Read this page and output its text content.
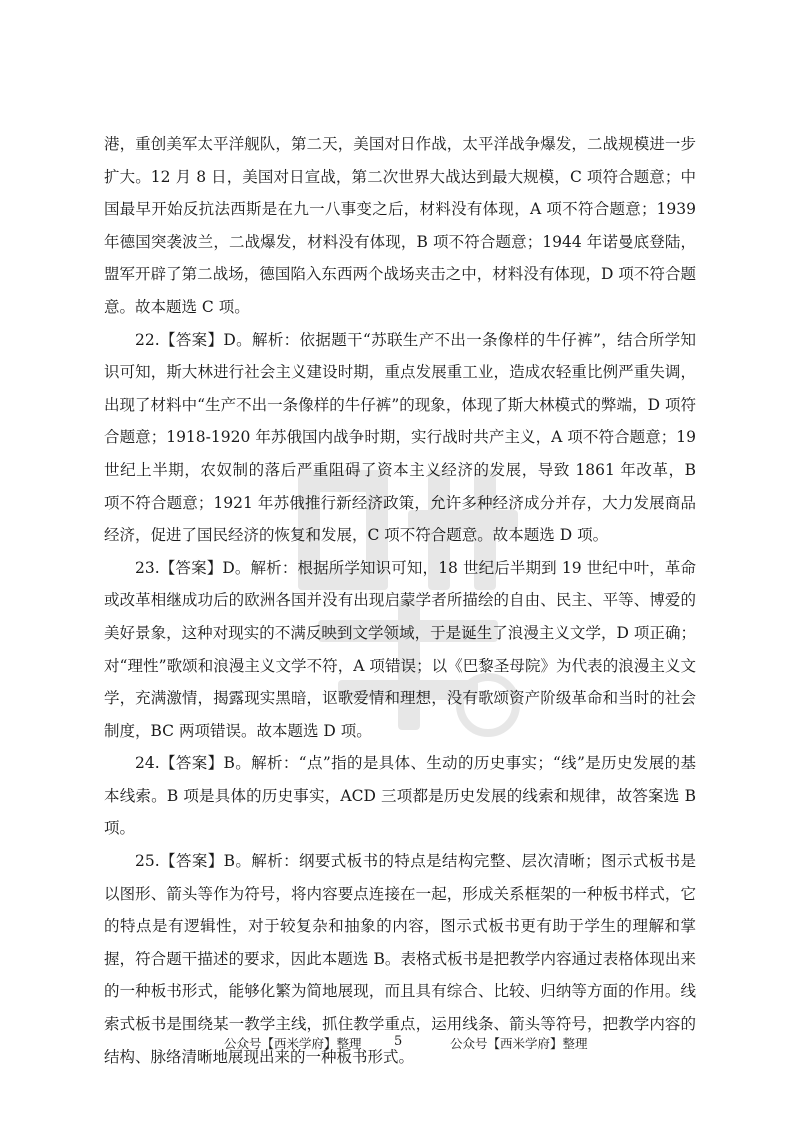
港，重创美军太平洋舰队，第二天，美国对日作战，太平洋战争爆发，二战规模进一步扩大。12 月 8 日，美国对日宣战，第二次世界大战达到最大规模，C 项符合题意；中国最早开始反抗法西斯是在九一八事变之后，材料没有体现，A 项不符合题意；1939 年德国突袭波兰，二战爆发，材料没有体现，B 项不符合题意；1944 年诺曼底登陆，盟军开辟了第二战场，德国陷入东西两个战场夹击之中，材料没有体现，D 项不符合题意。故本题选 C 项。

22.【答案】D。解析：依据题干“苏联生产不出一条像样的牛仔裤”，结合所学知识可知，斯大林进行社会主义建设时期，重点发展重工业，造成农轻重比例严重失调，出现了材料中“生产不出一条像样的牛仔裤”的现象，体现了斯大林模式的弊端，D 项符合题意；1918-1920 年苏俄国内战争时期，实行战时共产主义，A 项不符合题意；19 世纪上半期，农奴制的落后严重阻碍了资本主义经济的发展，导致 1861 年改革，B 项不符合题意；1921 年苏俄推行新经济政策，允许多种经济成分并存，大力发展商品经济，促进了国民经济的恢复和发展，C 项不符合题意。故本题选 D 项。

23.【答案】D。解析：根据所学知识可知，18 世纪后半期到 19 世纪中叶，革命或改革相继成功后的欧洲各国并没有出现启蒙学者所描绘的自由、民主、平等、博爱的美好景象，这种对现实的不满反映到文学领域，于是诞生了浪漫主义文学，D 项正确；对“理性”歌颂和浪漫主义文学不符，A 项错误；以《巴黎圣母院》为代表的浪漫主义文学，充满激情，揭露现实黑暗，讴歌爱情和理想，没有歌颂资产阶级革命和当时的社会制度，BC 两项错误。故本题选 D 项。

24.【答案】B。解析：“点”指的是具体、生动的历史事实；“线”是历史发展的基本线索。B 项是具体的历史事实，ACD 三项都是历史发展的线索和规律，故答案选 B 项。

25.【答案】B。解析：纲要式板书的特点是结构完整、层次清晰；图示式板书是以图形、箭头等作为符号，将内容要点连接在一起，形成关系框架的一种板书样式，它的特点是有逻辑性，对于较复杂和抽象的内容，图示式板书更有助于学生的理解和掌握，符合题干描述的要求，因此本题选 B。表格式板书是把教学内容通过表格体现出来的一种板书形式，能够化繁为简地展现，而且具有综合、比较、归纳等方面的作用。线索式板书是围绕某一教学主线，抓住教学重点，运用线条、箭头等符号，把教学内容的结构、脉络清晰地展现出来的一种板书形式。

公众号【西米学府】整理 5	公众号【西米学府】整理
